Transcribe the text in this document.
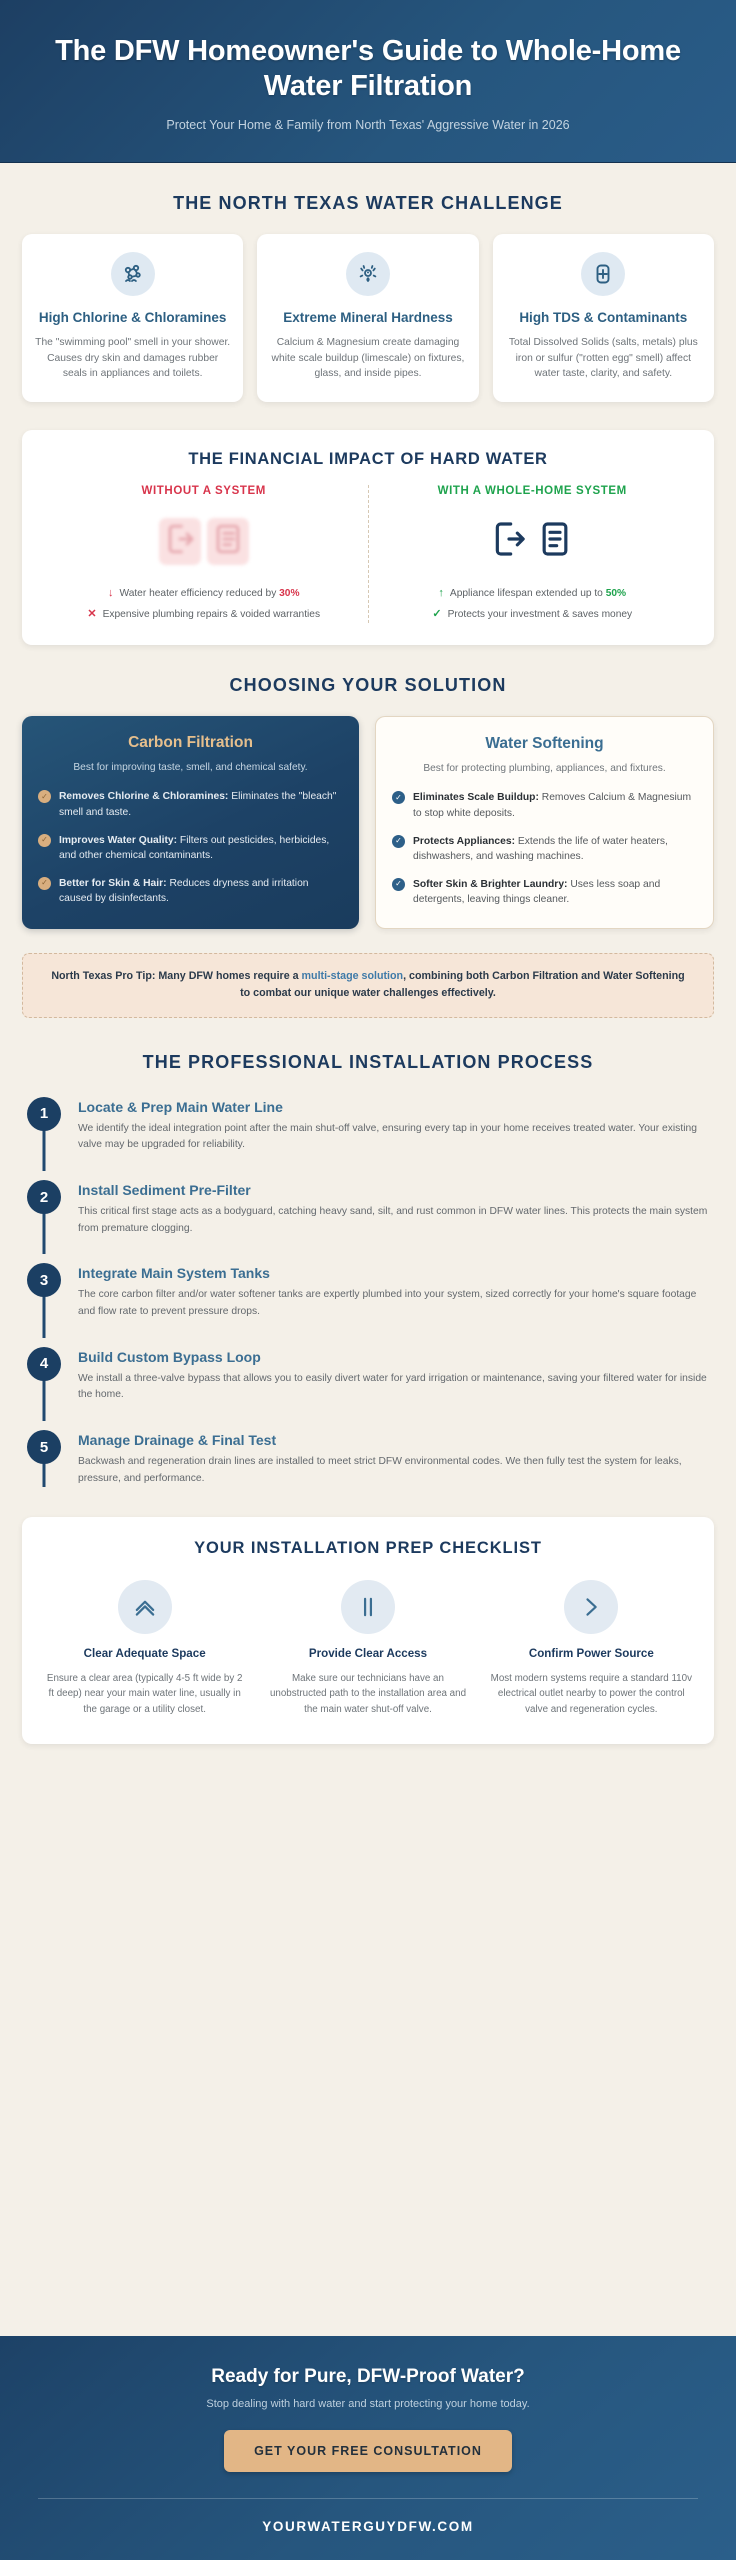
The DFW Homeowner's Guide to Whole-Home Water Filtration

Protect Your Home & Family from North Texas' Aggressive Water in 2026

THE NORTH TEXAS WATER CHALLENGE
High Chlorine & Chloramines

The "swimming pool" smell in your shower. Causes dry skin and damages rubber seals in appliances and toilets.

Extreme Mineral Hardness

Calcium & Magnesium create damaging white scale buildup (limescale) on fixtures, glass, and inside pipes.

High TDS & Contaminants

Total Dissolved Solids (salts, metals) plus iron or sulfur ("rotten egg" smell) affect water taste, clarity, and safety.

THE FINANCIAL IMPACT OF HARD WATER
WITHOUT A SYSTEM
↓ Water heater efficiency reduced by 30%
✕ Expensive plumbing repairs & voided warranties
WITH A WHOLE-HOME SYSTEM
↑ Appliance lifespan extended up to 50%
✓ Protects your investment & saves money
CHOOSING YOUR SOLUTION
Carbon Filtration
Best for improving taste, smell, and chemical safety.
✓	Removes Chlorine & Chloramines: Eliminates the "bleach" smell and taste.
✓	Improves Water Quality: Filters out pesticides, herbicides, and other chemical contaminants.
✓	Better for Skin & Hair: Reduces dryness and irritation caused by disinfectants.
Water Softening
Best for protecting plumbing, appliances, and fixtures.
✓	Eliminates Scale Buildup: Removes Calcium & Magnesium to stop white deposits.
✓	Protects Appliances: Extends the life of water heaters, dishwashers, and washing machines.
✓	Softer Skin & Brighter Laundry: Uses less soap and detergents, leaving things cleaner.
North Texas Pro Tip: Many DFW homes require a multi-stage solution, combining both Carbon Filtration and Water Softening to combat our unique water challenges effectively.
THE PROFESSIONAL INSTALLATION PROCESS
1	Locate & Prep Main Water Line

We identify the ideal integration point after the main shut-off valve, ensuring every tap in your home receives treated water. Your existing valve may be upgraded for reliability.

2	Install Sediment Pre-Filter

This critical first stage acts as a bodyguard, catching heavy sand, silt, and rust common in DFW water lines. This protects the main system from premature clogging.

3	Integrate Main System Tanks

The core carbon filter and/or water softener tanks are expertly plumbed into your system, sized correctly for your home's square footage and flow rate to prevent pressure drops.

4	Build Custom Bypass Loop

We install a three-valve bypass that allows you to easily divert water for yard irrigation or maintenance, saving your filtered water for inside the home.

5	Manage Drainage & Final Test

Backwash and regeneration drain lines are installed to meet strict DFW environmental codes. We then fully test the system for leaks, pressure, and performance.

YOUR INSTALLATION PREP CHECKLIST
Clear Adequate Space

Ensure a clear area (typically 4-5 ft wide by 2 ft deep) near your main water line, usually in the garage or a utility closet.

Provide Clear Access

Make sure our technicians have an unobstructed path to the installation area and the main water shut-off valve.

Confirm Power Source

Most modern systems require a standard 110v electrical outlet nearby to power the control valve and regeneration cycles.

Ready for Pure, DFW-Proof Water?
Stop dealing with hard water and start protecting your home today.
GET YOUR FREE CONSULTATION
YOURWATERGUYDFW.COM
